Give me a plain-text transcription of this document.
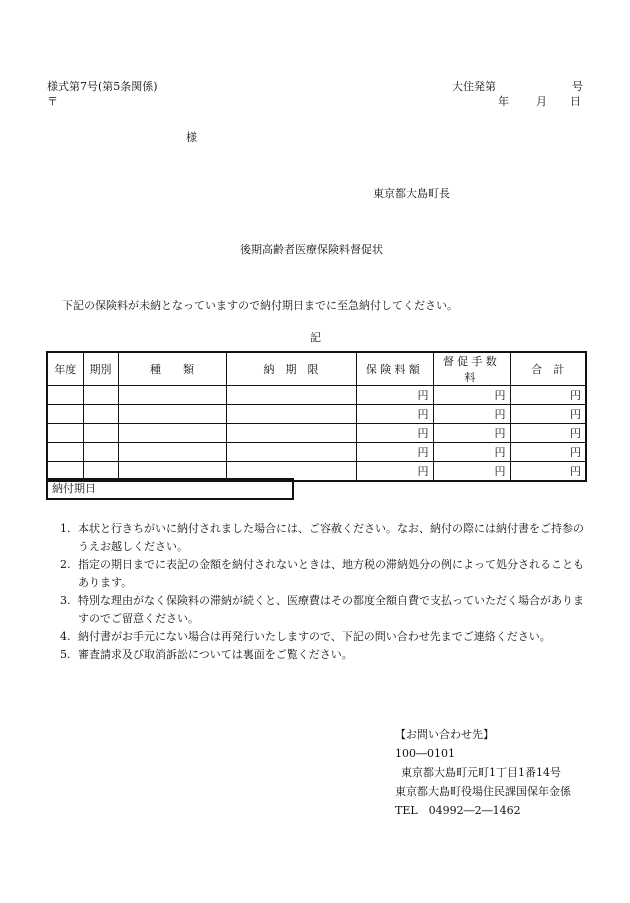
様式第7号(第5条関係)
〒
大住発第	号
年 月 日
様
東京都大島町長
後期高齢者医療保険料督促状
下記の保険料が未納となっていますので納付期日までに至急納付してください。
記
年度	期別	種　　類	納　期　限	保険料額	督促手数料	合　計
				円	円	円
				円	円	円
				円	円	円
				円	円	円
				円	円	円
納付期日
1. 本状と行きちがいに納付されました場合には、ご容赦ください。なお、納付の際には納付書をご持参のうえお越しください。
2. 指定の期日までに表記の金額を納付されないときは、地方税の滞納処分の例によって処分されることもあります。
3. 特別な理由がなく保険料の滞納が続くと、医療費はその都度全額自費で支払っていただく場合がありますのでご留意ください。
4. 納付書がお手元にない場合は再発行いたしますので、下記の問い合わせ先までご連絡ください。
5. 審査請求及び取消訴訟については裏面をご覧ください。
【お問い合わせ先】
100―0101
東京都大島町元町1丁目1番14号
東京都大島町役場住民課国保年金係
TEL　04992―2―1462
